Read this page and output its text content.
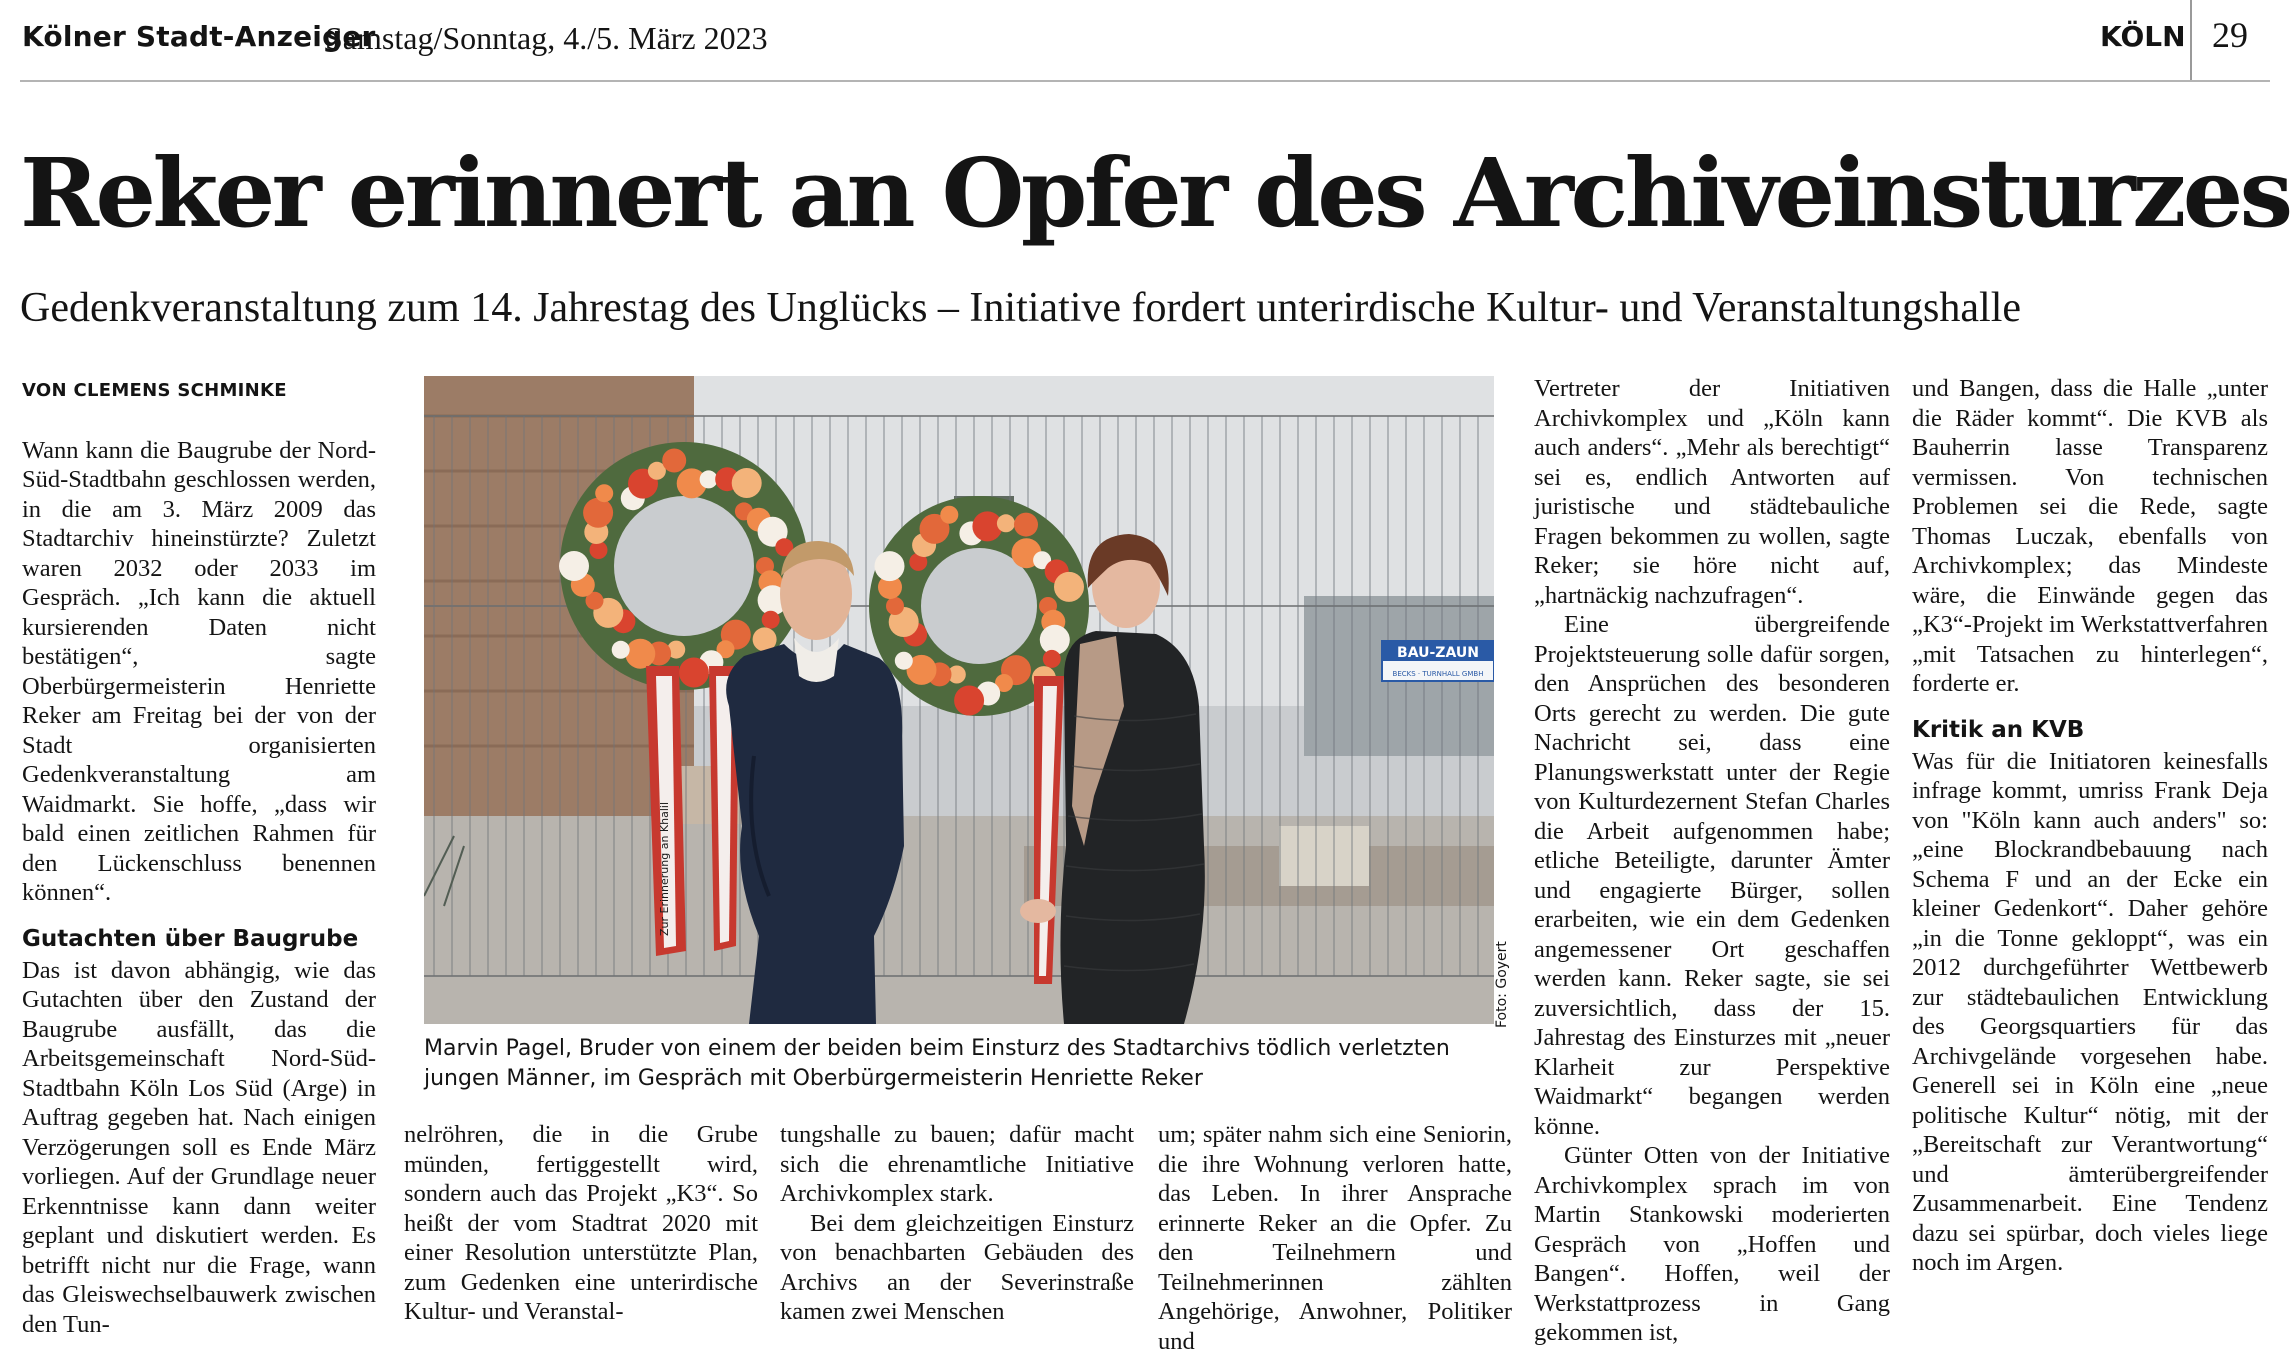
Kölner Stadt-Anzeiger
Samstag/Sonntag, 4./5. März 2023	KÖLN 29
Reker erinnert an Opfer des Archiveinsturzes
Gedenkveranstaltung zum 14. Jahrestag des Unglücks – Initiative fordert unterirdische Kultur- und Veranstaltungshalle
VON CLEMENS SCHMINKE

Wann kann die Baugrube der Nord-Süd-Stadtbahn geschlossen werden, in die am 3. März 2009 das Stadtarchiv hineinstürzte? Zuletzt waren 2032 oder 2033 im Gespräch. „Ich kann die aktuell kursierenden Daten nicht bestätigen“, sagte Oberbürgermeisterin Henriette Reker am Freitag bei der von der Stadt organisierten Gedenkveranstaltung am Waidmarkt. Sie hoffe, „dass wir bald einen zeitlichen Rahmen für den Lückenschluss benennen können“.

Gutachten über Baugrube

Das ist davon abhängig, wie das Gutachten über den Zustand der Baugrube ausfällt, das die Arbeitsgemeinschaft Nord-Süd-Stadtbahn Köln Los Süd (Arge) in Auftrag gegeben hat. Nach einigen Verzögerungen soll es Ende März vorliegen. Auf der Grundlage neuer Erkenntnisse kann dann weiter geplant und diskutiert werden. Es betrifft nicht nur die Frage, wann das Gleiswechselbauwerk zwischen den Tun-

BAU-ZAUN
BECKS · TURNHALL GMBH
Zur Erinnerung an Khalil
Foto: Goyert
Marvin Pagel, Bruder von einem der beiden beim Einsturz des Stadtarchivs tödlich verletzten jungen Männer, im Gespräch mit Oberbürgermeisterin Henriette Reker

nelröhren, die in die Grube münden, fertiggestellt wird, sondern auch das Projekt „K3“. So heißt der vom Stadtrat 2020 mit einer Resolution unterstützte Plan, zum Gedenken eine unterirdische Kultur- und Veranstal-

tungshalle zu bauen; dafür macht sich die ehrenamtliche Initiative Archivkomplex stark.

Bei dem gleichzeitigen Einsturz von benachbarten Gebäuden des Archivs an der Severinstraße kamen zwei Menschen

um; später nahm sich eine Seniorin, die ihre Wohnung verloren hatte, das Leben. In ihrer Ansprache erinnerte Reker an die Opfer. Zu den Teilnehmern und Teilnehmerinnen zählten Angehörige, Anwohner, Politiker und

Vertreter der Initiativen Archivkomplex und „Köln kann auch anders“. „Mehr als berechtigt“ sei es, endlich Antworten auf juristische und städtebauliche Fragen bekommen zu wollen, sagte Reker; sie höre nicht auf, „hartnäckig nachzufragen“.

Eine übergreifende Projektsteuerung solle dafür sorgen, den Ansprüchen des besonderen Orts gerecht zu werden. Die gute Nachricht sei, dass eine Planungswerkstatt unter der Regie von Kulturdezernent Stefan Charles die Arbeit aufgenommen habe; etliche Beteiligte, darunter Ämter und engagierte Bürger, sollen erarbeiten, wie ein dem Gedenken angemessener Ort geschaffen werden kann. Reker sagte, sie sei zuversichtlich, dass der 15. Jahrestag des Einsturzes mit „neuer Klarheit zur Perspektive Waidmarkt“ begangen werden könne.

Günter Otten von der Initiative Archivkomplex sprach im von Martin Stankowski moderierten Gespräch von „Hoffen und Bangen“. Hoffen, weil der Werkstattprozess in Gang gekommen ist,

und Bangen, dass die Halle „unter die Räder kommt“. Die KVB als Bauherrin lasse Transparenz vermissen. Von technischen Problemen sei die Rede, sagte Thomas Luczak, ebenfalls von Archivkomplex; das Mindeste wäre, die Einwände gegen das „K3“-Projekt im Werkstattverfahren „mit Tatsachen zu hinterlegen“, forderte er.

Kritik an KVB

Was für die Initiatoren keinesfalls infrage kommt, umriss Frank Deja von "Köln kann auch anders" so: „eine Blockrandbebauung nach Schema F und an der Ecke ein kleiner Gedenkort“. Daher gehöre „in die Tonne gekloppt“, was ein 2012 durchgeführter Wettbewerb zur städtebaulichen Entwicklung des Georgsquartiers für das Archivgelände vorgesehen habe. Generell sei in Köln eine „neue politische Kultur“ nötig, mit der „Bereitschaft zur Verantwortung“ und ämterübergreifender Zusammenarbeit. Eine Tendenz dazu sei spürbar, doch vieles liege noch im Argen.
